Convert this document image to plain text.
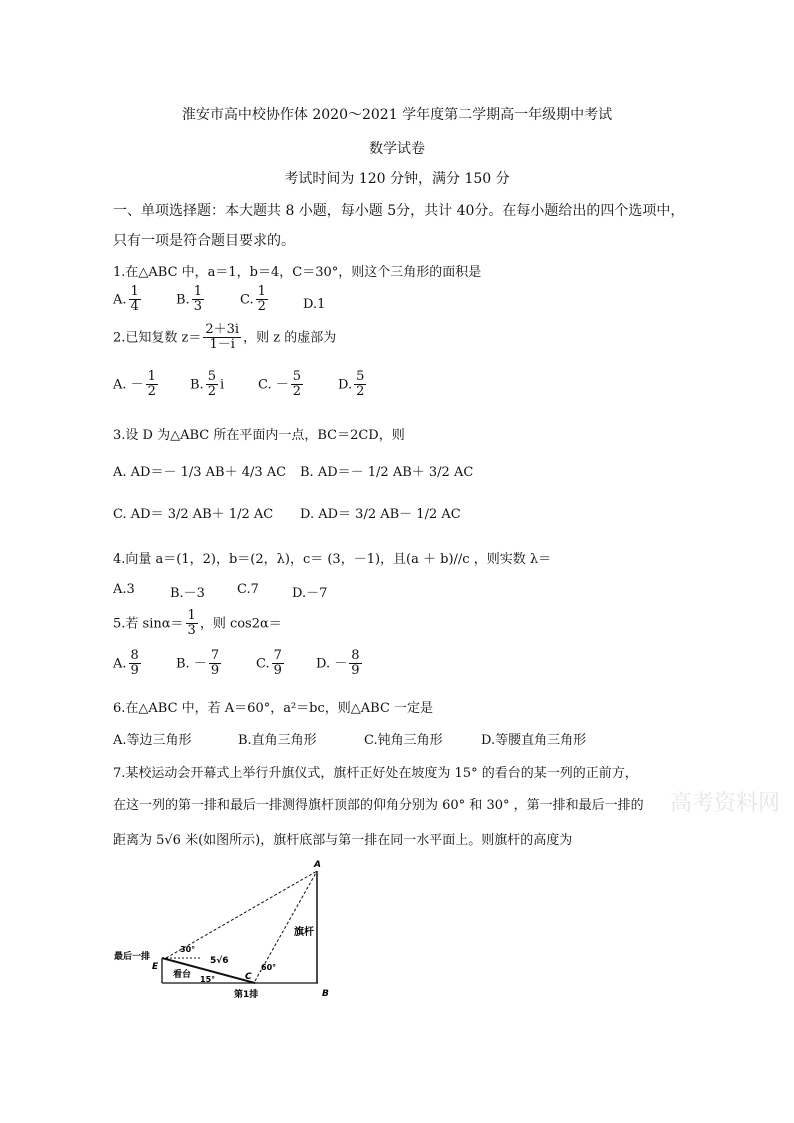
淮安市高中校协作体 2020～2021 学年度第二学期高一年级期中考试
数学试卷
考试时间为 120 分钟，满分 150 分
一、单项选择题：本大题共 8 小题，每小题 5分，共计 40分。在每小题给出的四个选项中，
只有一项是符合题目要求的。
1.在△ABC 中，a＝1，b＝4，C＝30°，则这个三角形的面积是
A. $\frac{1}{4}$	B. $\frac{1}{3}$	C. $\frac{1}{2}$	D.1
2.已知复数 $z= \frac{2+3i}{1-i}$ ，则 z 的虚部为
A. － $\frac{1}{2} B$. $\frac{5}{2}$ i	C. － $\frac{5}{2}$	D. $\frac{5}{2}$
3.设 D 为△ABC 所在平面内一点，BC＝2CD，则
A. AD＝－ 1/3 AB＋ 4/3 AC B. AD＝－ 1/2 AB＋ 3/2 AC
C. AD＝ 3/2 AB＋ 1/2 AC D. AD＝ 3/2 AB－ 1/2 AC
4.向量 a＝(1，2)，b＝(2，λ)，c＝ (3，－1)，且(a ＋ b)//c ，则实数 λ＝
A.3	B.－3 C.7	D.－7
5.若 $\sin\alpha= \frac{1}{3}$ ，则 cos2α＝
A. $\frac{8}{9}$	B. － $\frac{7}{9}$	C. $\frac{7}{9} D$. － $\frac{8}{9}$
6.在△ABC 中，若 A＝60°，a²＝bc，则△ABC 一定是
A.等边三角形	B.直角三角形	C.钝角三角形	D.等腰直角三角形
7.某校运动会开幕式上举行升旗仪式，旗杆正好处在坡度为 15° 的看台的某一列的正前方，
在这一列的第一排和最后一排测得旗杆顶部的仰角分别为 60° 和 30° ，第一排和最后一排的
距离为 5√6 米(如图所示)，旗杆底部与第一排在同一水平面上。则旗杆的高度为
高考资料网
A
B
C
E
旗杆
最后一排
第1排
看台 15°
30°
60°
5√6
